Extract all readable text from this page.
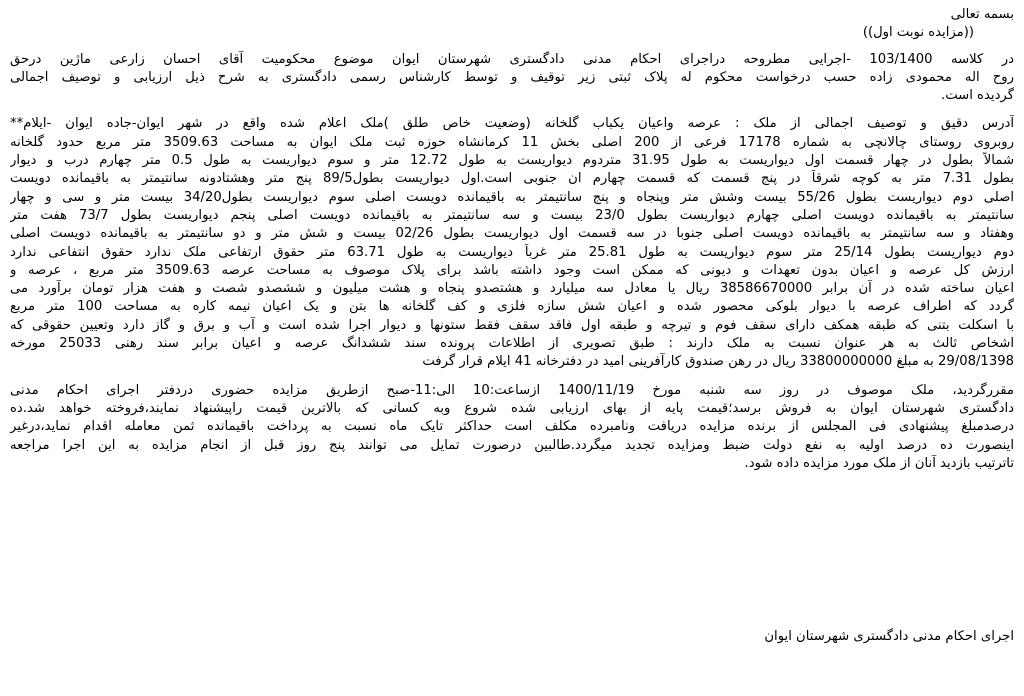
بسمه تعالی
((مزایده نوبت اول))
در کلاسه 103/1400 -اجرایی مطروحه دراجرای احکام مدنی دادگستری شهرستان ایوان موضوع محکومیت آقای احسان زارعی ماژین درحق
روح اله محمودی زاده حسب درخواست محکوم له پلاک ثبتی زیر توقیف و توسط کارشناس رسمی دادگستری به شرح ذیل ارزیابی و توصیف اجمالی
گردیده است.
آدرس دقیق و توصیف اجمالی از ملک : عرصه واعیان یکباب گلخانه (وضعیت خاص طلق )ملک اعلام شده واقع در شهر ایوان-جاده ایوان -ایلام**
روبروی روستای چالانچی به شماره 17178 فرعی از 200 اصلی بخش 11 کرمانشاه حوزه ثبت ملک ایوان به مساحت 3509.63 متر مربع حدود گلخانه
شمالاً بطول در چهار قسمت اول دیواریست به طول 31.95 متردوم دیواریست به طول 12.72 متر و سوم دیواریست به طول 0.5 متر چهارم درب و دیوار
بطول 7.31 متر به کوچه شرقاً در پنج قسمت که قسمت چهارم ان جنوبی است.اول دیواریست بطول89/5 پنج متر وهشتادونه سانتیمتر به باقیمانده دویست
اصلی دوم دیواریست بطول 55/26 بیست وشش متر وپنجاه و پنج سانتیمتر به باقیمانده دویست اصلی سوم دیواریست بطول34/20 بیست متر و سی و چهار
سانتیمتر به باقیمانده دویست اصلی چهارم دیواریست بطول 23/0 بیست و سه سانتیمتر به باقیمانده دویست اصلی پنجم دیواریست بطول 73/7 هفت متر
وهفتاد و سه سانتیمتر به باقیمانده دویست اصلی جنوبا در سه قسمت اول دیواریست بطول 02/26 بیست و شش متر و دو سانتیمتر به باقیمانده دویست اصلی
دوم دیواریست بطول 25/14 متر سوم دیواریست به طول 25.81 متر غرباً دیواریست به طول 63.71 متر حقوق ارتفاعی ملک ندارد حقوق انتفاعی ندارد
ارزش کل عرصه و اعیان بدون تعهدات و دیونی که ممکن است وجود داشته باشد برای پلاک موصوف به مساحت عرصه 3509.63 متر مربع ، عرصه و
اعیان ساخته شده در آن برابر 38586670000 ریال یا معادل سه میلیارد و هشتصدو پنجاه و هشت میلیون و ششصدو شصت و هفت هزار تومان برآورد می
گردد که اطراف عرصه با دیوار بلوکی محصور شده و اعیان شش سازه فلزی و کف گلخانه ها بتن و یک اعیان نیمه کاره به مساحت 100 متر مربع
با اسکلت بتنی که طبقه همکف دارای سقف فوم و تیرچه و طبقه اول فاقد سقف فقط ستونها و دیوار اجرا شده است و آب و برق و گاز دارد وتعیین حقوقی که
اشخاص ثالث به هر عنوان نسبت به ملک دارند : طبق تصویری از اطلاعات پرونده سند ششدانگ عرصه و اعیان برابر سند رهنی 25033 مورخه
29/08/1398 به مبلغ 33800000000 ریال در رهن صندوق کارآفرینی امید در دفترخانه 41 ایلام قرار گرفت
مقررگردید، ملک موصوف در روز سه شنبه مورخ 1400/11/19 ازساعت:10 الی:11-صبح ازطریق مزایده حضوری دردفتر اجرای احکام مدنی
دادگستری شهرستان ایوان به فروش برسد؛قیمت پایه از بهای ارزیابی شده شروع وبه کسانی که بالاترین قیمت راپیشنهاد نمایند،فروخته خواهد شد.ده
درصدمبلغ پیشنهادی فی المجلس از برنده مزایده دریافت ونامبرده مکلف است حداکثر تایک ماه نسبت به پرداخت باقیمانده ثمن معامله اقدام نماید،درغیر
اینصورت ده درصد اولیه به نفع دولت ضبط ومزایده تجدید میگردد.طالبین درصورت تمایل می توانند پنج روز قبل از انجام مزایده به این اجرا مراجعه
تاترتیب بازدید آنان از ملک مورد مزایده داده شود.
اجرای احکام مدنی دادگستری شهرستان ایوان
